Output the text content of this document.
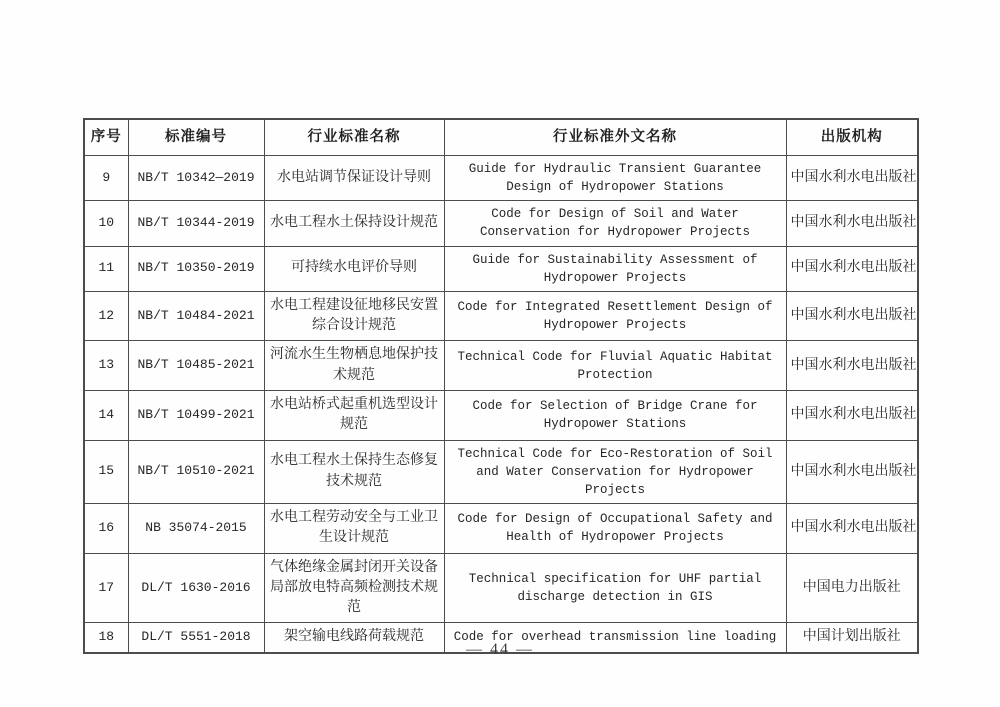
序号	标准编号	行业标准名称	行业标准外文名称	出版机构
9	NB/T 10342—2019	水电站调节保证设计导则	Guide for Hydraulic Transient Guarantee Design of Hydropower Stations	中国水利水电出版社
10	NB/T 10344-2019	水电工程水土保持设计规范	Code for Design of Soil and Water Conservation for Hydropower Projects	中国水利水电出版社
11	NB/T 10350-2019	可持续水电评价导则	Guide for Sustainability Assessment of Hydropower Projects	中国水利水电出版社
12	NB/T 10484-2021	水电工程建设征地移民安置综合设计规范	Code for Integrated Resettlement Design of Hydropower Projects	中国水利水电出版社
13	NB/T 10485-2021	河流水生生物栖息地保护技术规范	Technical Code for Fluvial Aquatic Habitat Protection	中国水利水电出版社
14	NB/T 10499-2021	水电站桥式起重机选型设计规范	Code for Selection of Bridge Crane for Hydropower Stations	中国水利水电出版社
15	NB/T 10510-2021	水电工程水土保持生态修复技术规范	Technical Code for Eco-Restoration of Soil and Water Conservation for Hydropower Projects	中国水利水电出版社
16	NB 35074-2015	水电工程劳动安全与工业卫生设计规范	Code for Design of Occupational Safety and Health of Hydropower Projects	中国水利水电出版社
17	DL/T 1630-2016	气体绝缘金属封闭开关设备局部放电特高频检测技术规范	Technical specification for UHF partial discharge detection in GIS	中国电力出版社
18	DL/T 5551-2018	架空输电线路荷载规范	Code for overhead transmission line loading	中国计划出版社
— 44 —
